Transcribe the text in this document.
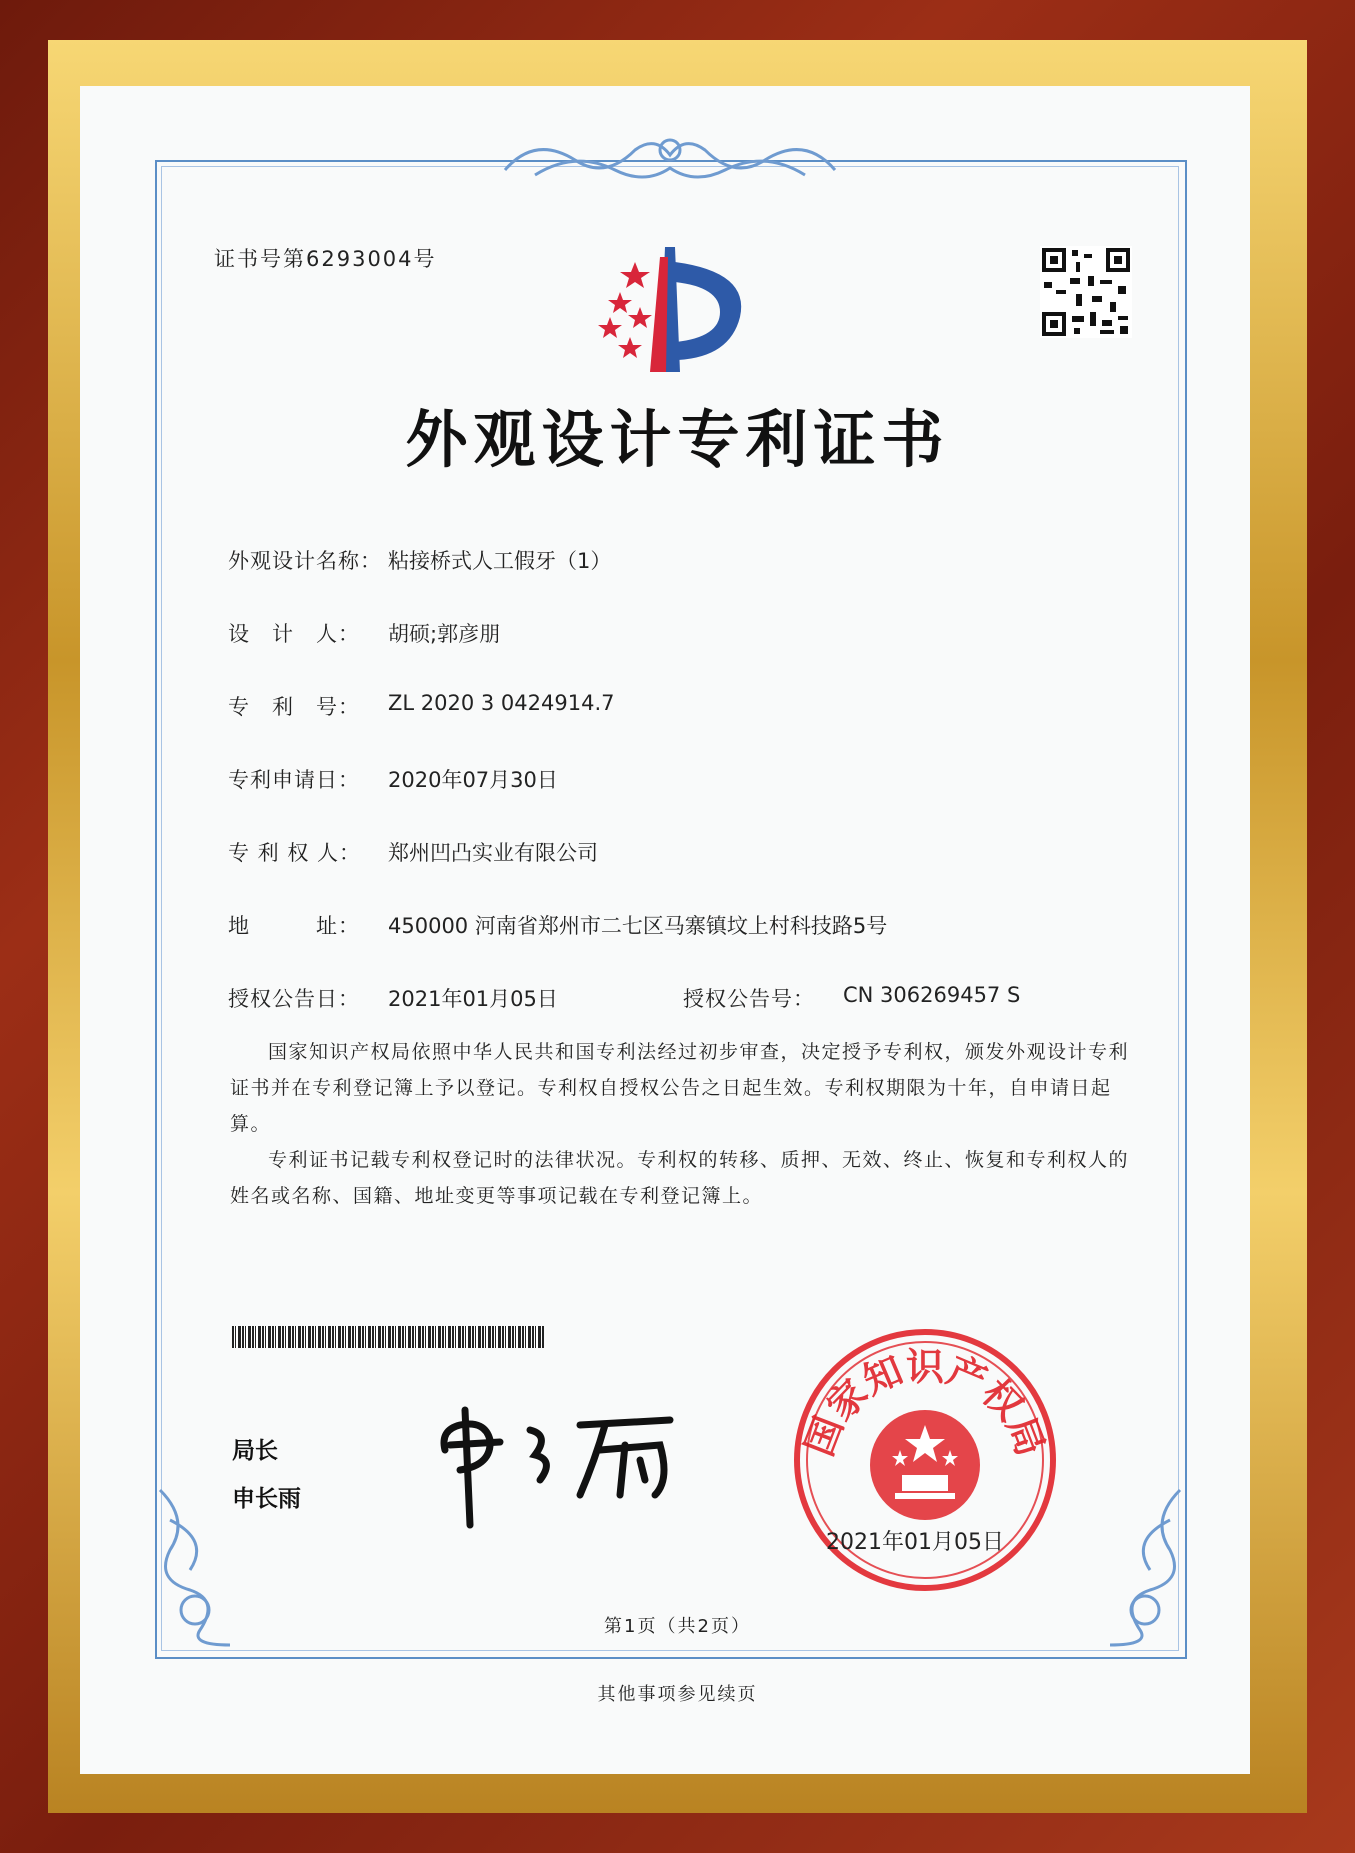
证书号第6293004号
外观设计专利证书
外观设计名称： 粘接桥式人工假牙（1）
设　计　人： 胡硕;郭彦朋
专　利　号： ZL 2020 3 0424914.7
专利申请日： 2020年07月30日
专 利 权 人： 郑州凹凸实业有限公司
地　　　址： 450000 河南省郑州市二七区马寨镇坟上村科技路5号
授权公告日： 2021年01月05日	授权公告号： CN 306269457 S
国家知识产权局依照中华人民共和国专利法经过初步审查，决定授予专利权，颁发外观设计专利证书并在专利登记簿上予以登记。专利权自授权公告之日起生效。专利权期限为十年，自申请日起算。
专利证书记载专利权登记时的法律状况。专利权的转移、质押、无效、终止、恢复和专利权人的姓名或名称、国籍、地址变更等事项记载在专利登记簿上。
局长
申长雨
国家知识产权局
2021年01月05日
第1页（共2页）
其他事项参见续页
